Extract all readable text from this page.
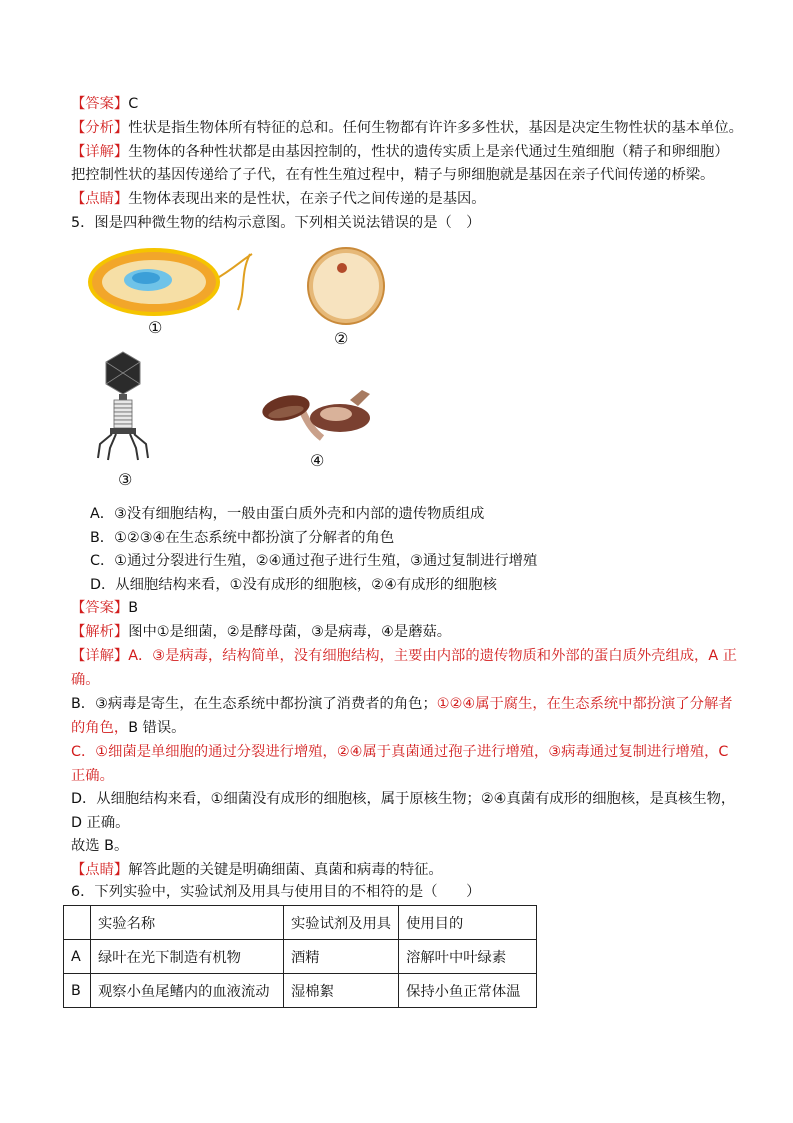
【答案】C
【分析】性状是指生物体所有特征的总和。任何生物都有许许多多性状，基因是决定生物性状的基本单位。
【详解】生物体的各种性状都是由基因控制的，性状的遗传实质上是亲代通过生殖细胞（精子和卵细胞）
把控制性状的基因传递给了子代，在有性生殖过程中，精子与卵细胞就是基因在亲子代间传递的桥梁。
【点睛】生物体表现出来的是性状，在亲子代之间传递的是基因。
5．图是四种微生物的结构示意图。下列相关说法错误的是（　）
①
②
③
④
A．③没有细胞结构，一般由蛋白质外壳和内部的遗传物质组成
B．①②③④在生态系统中都扮演了分解者的角色
C．①通过分裂进行生殖，②④通过孢子进行生殖，③通过复制进行增殖
D．从细胞结构来看，①没有成形的细胞核，②④有成形的细胞核
【答案】B
【解析】图中①是细菌，②是酵母菌，③是病毒，④是蘑菇。
【详解】A．③是病毒，结构简单，没有细胞结构，主要由内部的遗传物质和外部的蛋白质外壳组成，A 正
确。
B．③病毒是寄生，在生态系统中都扮演了消费者的角色；①②④属于腐生，在生态系统中都扮演了分解者
的角色，B 错误。
C．①细菌是单细胞的通过分裂进行增殖，②④属于真菌通过孢子进行增殖，③病毒通过复制进行增殖，C
正确。
D．从细胞结构来看，①细菌没有成形的细胞核，属于原核生物；②④真菌有成形的细胞核，是真核生物，
D 正确。
故选 B。
【点睛】解答此题的关键是明确细菌、真菌和病毒的特征。
6．下列实验中，实验试剂及用具与使用目的不相符的是（　　）
	实验名称	实验试剂及用具	使用目的
A	绿叶在光下制造有机物	酒精	溶解叶中叶绿素
B	观察小鱼尾鳍内的血液流动	湿棉絮	保持小鱼正常体温
